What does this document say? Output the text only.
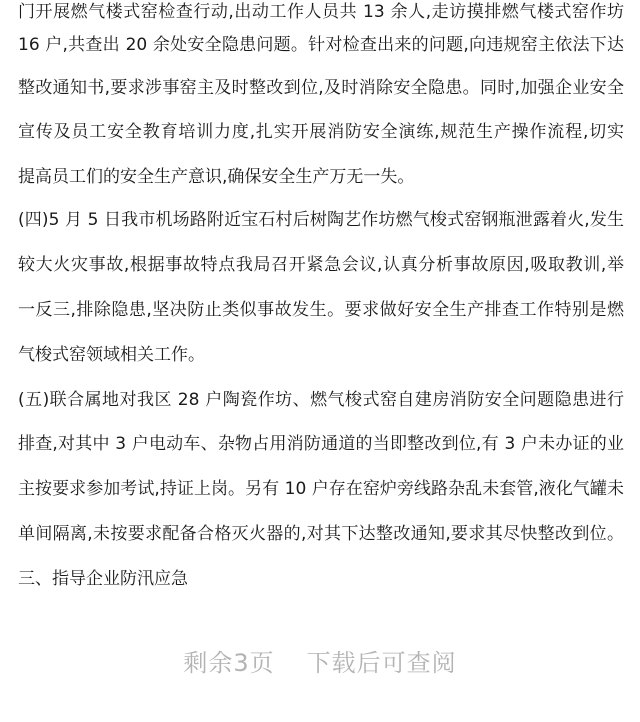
门开展燃气楼式窑检查行动,出动工作人员共 13 余人,走访摸排燃气楼式窑作坊
16 户,共查出 20 余处安全隐患问题。针对检查出来的问题,向违规窑主依法下达
整改通知书,要求涉事窑主及时整改到位,及时消除安全隐患。同时,加强企业安全
宣传及员工安全教育培训力度,扎实开展消防安全演练,规范生产操作流程,切实
提高员工们的安全生产意识,确保安全生产万无一失。
(四)5 月 5 日我市机场路附近宝石村后树陶艺作坊燃气梭式窑钢瓶泄露着火,发生
较大火灾事故,根据事故特点我局召开紧急会议,认真分析事故原因,吸取教训,举
一反三,排除隐患,坚决防止类似事故发生。要求做好安全生产排查工作特别是燃
气梭式窑领域相关工作。
(五)联合属地对我区 28 户陶瓷作坊、燃气梭式窑自建房消防安全问题隐患进行
排查,对其中 3 户电动车、杂物占用消防通道的当即整改到位,有 3 户未办证的业
主按要求参加考试,持证上岗。另有 10 户存在窑炉旁线路杂乱未套管,液化气罐未
单间隔离,未按要求配备合格灭火器的,对其下达整改通知,要求其尽快整改到位。
三、指导企业防汛应急
剩余3页 下载后可查阅
